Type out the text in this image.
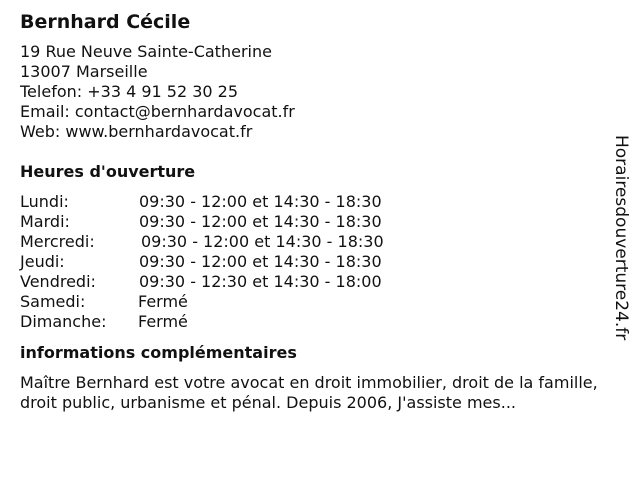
Bernhard Cécile
19 Rue Neuve Sainte-Catherine
13007 Marseille
Telefon: +33 4 91 52 30 25
Email: contact@bernhardavocat.fr
Web: www.bernhardavocat.fr
Heures d'ouverture
Lundi:	09:30 - 12:00 et 14:30 - 18:30
Mardi:	09:30 - 12:00 et 14:30 - 18:30
Mercredi:	09:30 - 12:00 et 14:30 - 18:30
Jeudi:	09:30 - 12:00 et 14:30 - 18:30
Vendredi:	09:30 - 12:30 et 14:30 - 18:00
Samedi:	Fermé
Dimanche: Fermé
informations complémentaires
Maître Bernhard est votre avocat en droit immobilier, droit de la famille, droit public, urbanisme et pénal. Depuis 2006, J'assiste mes...
Horairesdouverture24.fr
